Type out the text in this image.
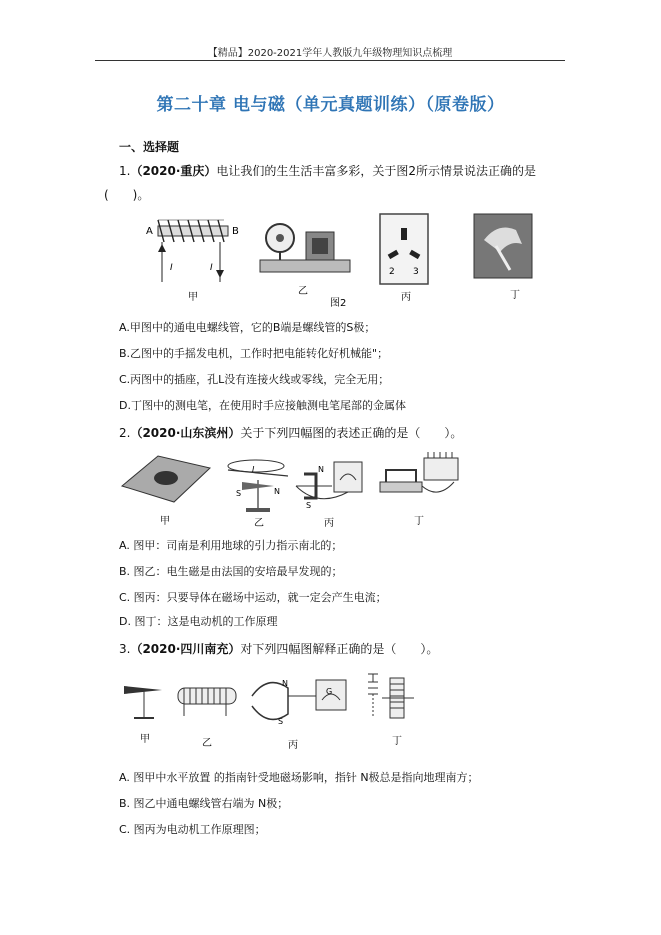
【精品】2020-2021学年人教版九年级物理知识点梳理
第二十章 电与磁（单元真题训练）（原卷版）
一、选择题
1.（2020·重庆）电让我们的生生活丰富多彩，关于图2所示情景说法正确的是
(　　)。
A	B
I	I
甲
乙
2 3
丙	丁
图2
A.甲图中的通电电螺线管，它的B端是螺线管的S极；
B.乙图中的手摇发电机，工作时把电能转化好机械能"；
C.丙图中的插座，孔L没有连接火线或零线，完全无用；
D.丁图中的测电笔，在使用时手应接触测电笔尾部的金属体
2.（2020·山东滨州）关于下列四幅图的表述正确的是（　　）。
甲
I
S	N
乙
N
S
丙	丁
A. 图甲：司南是利用地球的引力指示南北的；
B. 图乙：电生磁是由法国的安培最早发现的；
C. 图丙：只要导体在磁场中运动，就一定会产生电流；
D. 图丁：这是电动机的工作原理
3.（2020·四川南充）对下列四幅图解释正确的是（　　）。
甲	乙
G
N
S
丙	丁
A. 图甲中水平放置 的指南针受地磁场影响，指针 N极总是指向地理南方；
B. 图乙中通电螺线管右端为 N极；
C. 图丙为电动机工作原理图；
